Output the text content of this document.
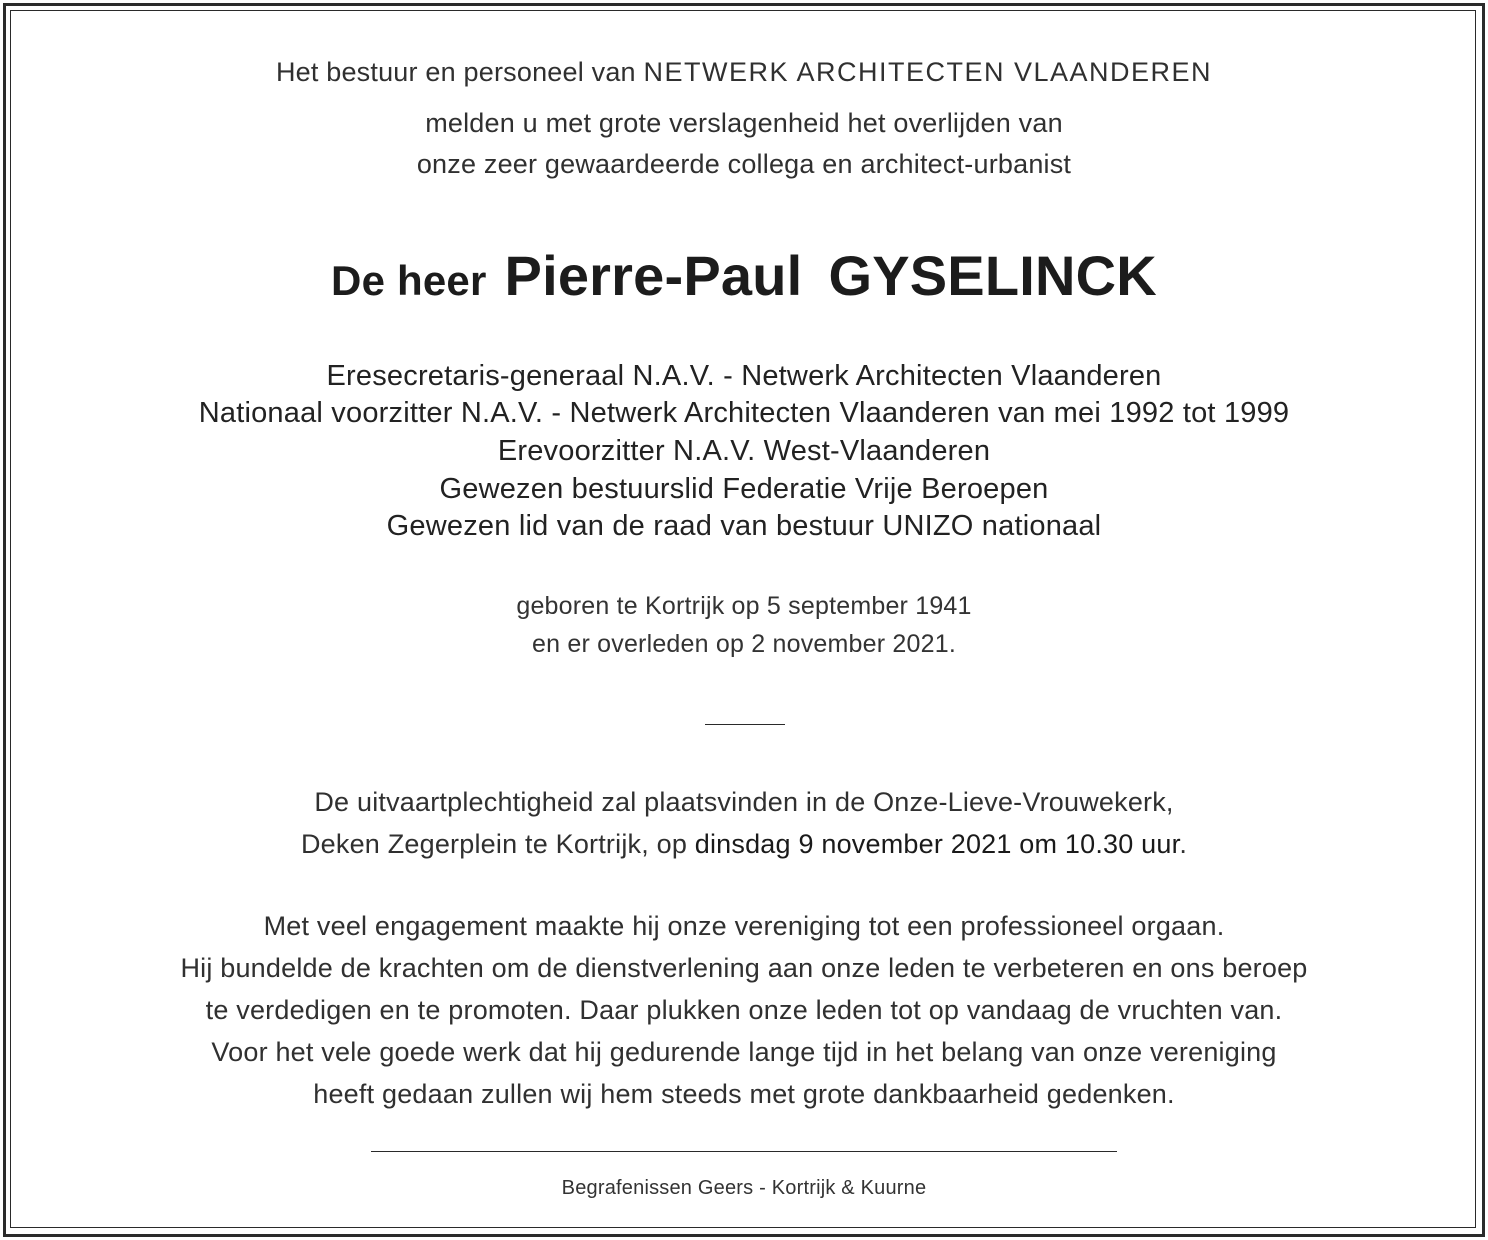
Het bestuur en personeel van NETWERK ARCHITECTEN VLAANDEREN
melden u met grote verslagenheid het overlijden van
onze zeer gewaardeerde collega en architect-urbanist
De heer Pierre-Paul GYSELINCK
Eresecretaris-generaal N.A.V. - Netwerk Architecten Vlaanderen
Nationaal voorzitter N.A.V. - Netwerk Architecten Vlaanderen van mei 1992 tot 1999
Erevoorzitter N.A.V. West-Vlaanderen
Gewezen bestuurslid Federatie Vrije Beroepen
Gewezen lid van de raad van bestuur UNIZO nationaal
geboren te Kortrijk op 5 september 1941
en er overleden op 2 november 2021.
De uitvaartplechtigheid zal plaatsvinden in de Onze-Lieve-Vrouwekerk,
Deken Zegerplein te Kortrijk, op dinsdag 9 november 2021 om 10.30 uur.
Met veel engagement maakte hij onze vereniging tot een professioneel orgaan.
Hij bundelde de krachten om de dienstverlening aan onze leden te verbeteren en ons beroep
te verdedigen en te promoten. Daar plukken onze leden tot op vandaag de vruchten van.
Voor het vele goede werk dat hij gedurende lange tijd in het belang van onze vereniging
heeft gedaan zullen wij hem steeds met grote dankbaarheid gedenken.
Begrafenissen Geers - Kortrijk & Kuurne
